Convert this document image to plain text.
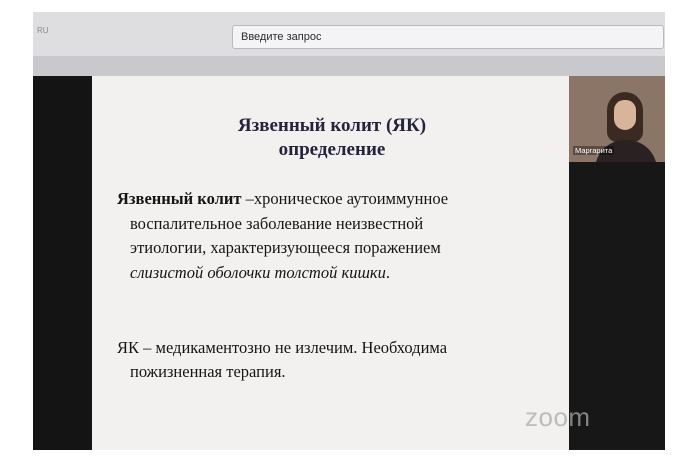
RU
Введите запрос
Язвенный колит (ЯК)
определение
Язвенный колит –хроническое аутоиммунное
воспалительное заболевание неизвестной
этиологии, характеризующееся поражением
слизистой оболочки толстой кишки.
ЯК – медикаментозно не излечим. Необходима
пожизненная терапия.
Маргарита
zoom
